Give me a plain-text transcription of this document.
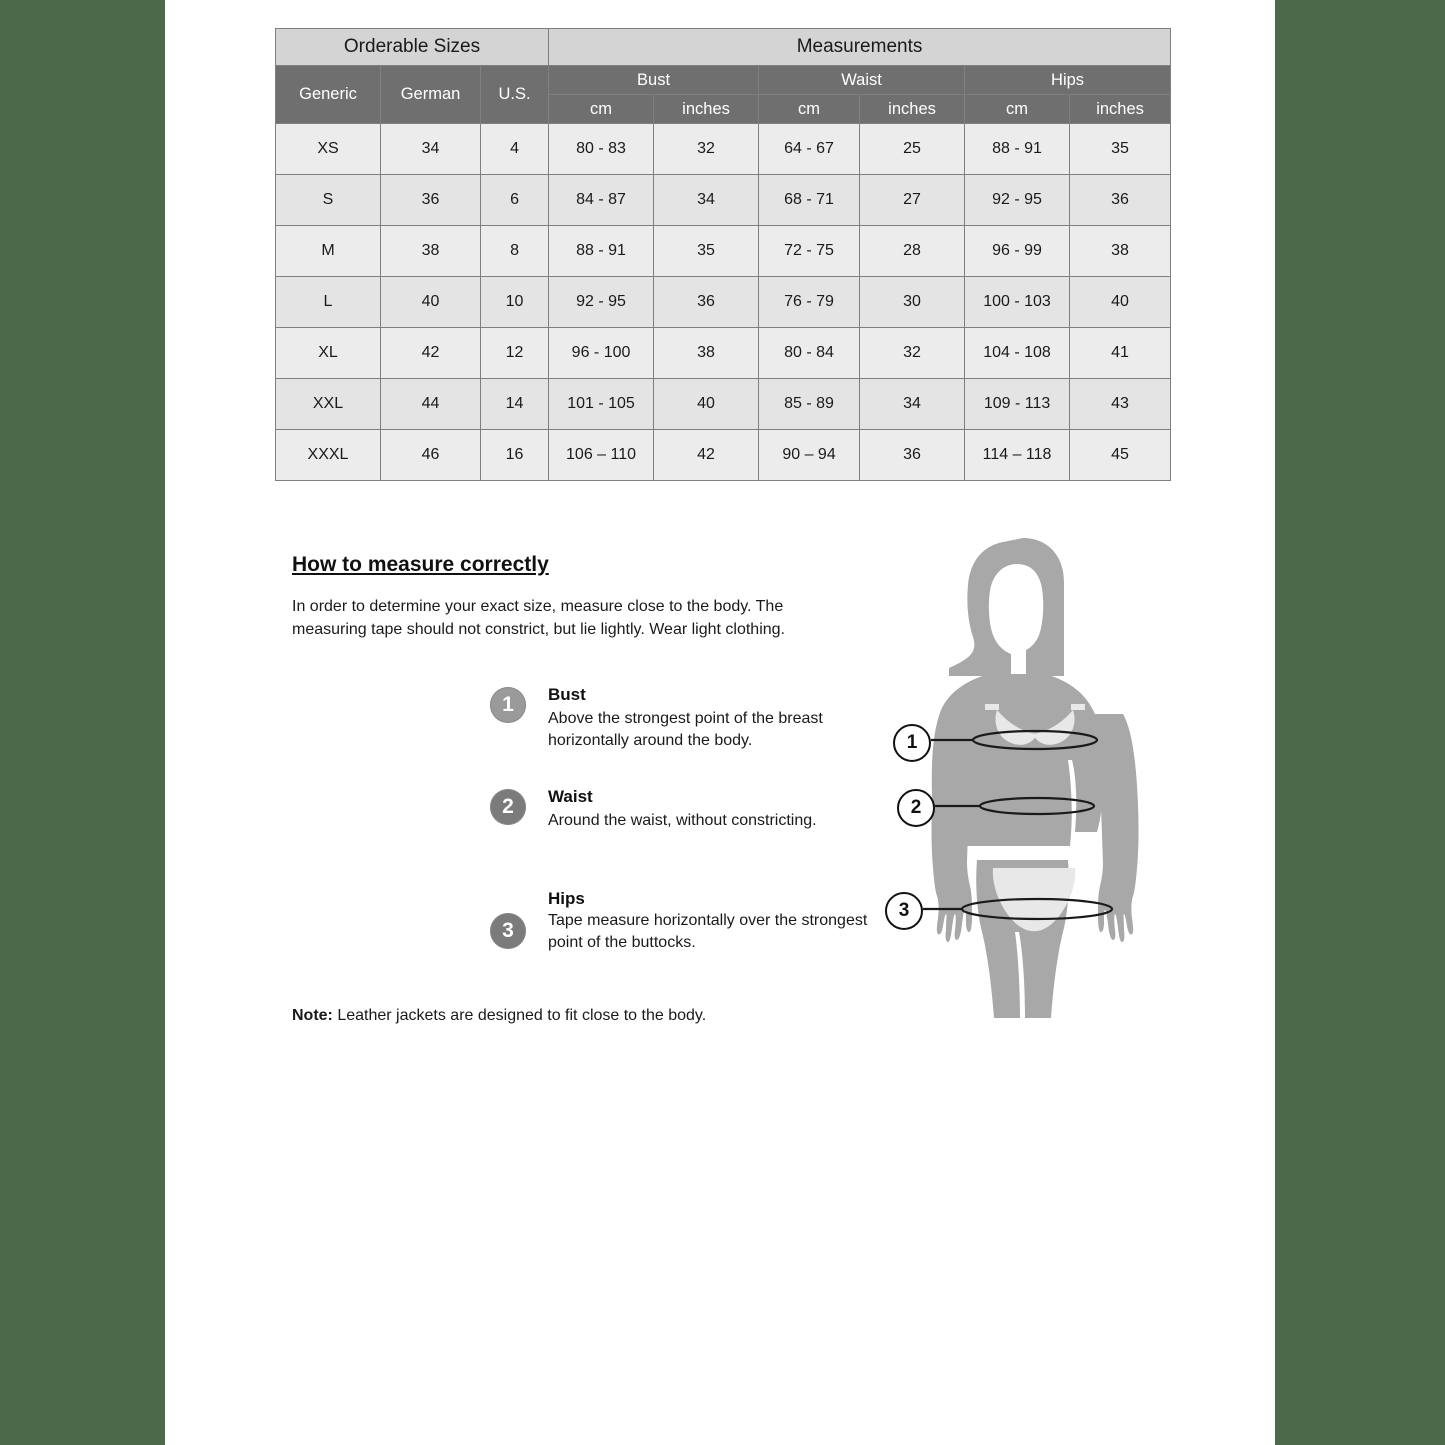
Orderable Sizes			Measurements					
Generic	German	U.S.	Bust		Waist		Hips	
			cm	inches	cm	inches	cm	inches
XS	34	4	80 - 83	32	64 - 67	25	88 - 91	35
S	36	6	84 - 87	34	68 - 71	27	92 - 95	36
M	38	8	88 - 91	35	72 - 75	28	96 - 99	38
L	40	10	92 - 95	36	76 - 79	30	100 - 103	40
XL	42	12	96 - 100	38	80 - 84	32	104 - 108	41
XXL	44	14	101 - 105	40	85 - 89	34	109 - 113	43
XXXL	46	16	106 – 110	42	90 – 94	36	114 – 118	45
How to measure correctly
In order to determine your exact size, measure close to the body. The measuring tape should not constrict, but lie lightly. Wear light clothing.
1	Bust
Above the strongest point of the breast horizontally around the body.
2	Waist
Around the waist, without constricting.
3
Hips
Tape measure horizontally over the strongest point of the buttocks.
Note: Leather jackets are designed to fit close to the body.
1
2
3
